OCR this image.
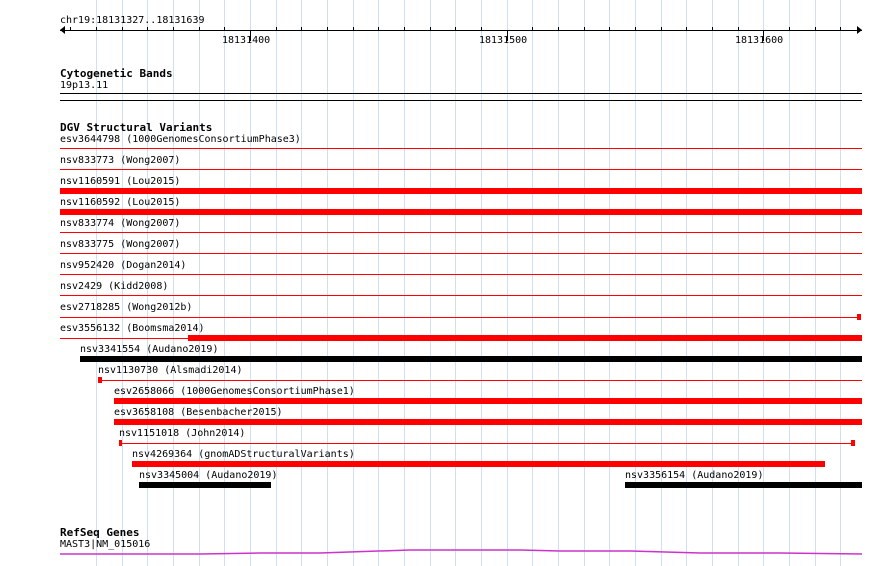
chr19:18131327..18131639
18131400	18131500	18131600
Cytogenetic Bands
19p13.11
DGV Structural Variants
esv3644798 (1000GenomesConsortiumPhase3)
nsv833773 (Wong2007)
nsv1160591 (Lou2015)
nsv1160592 (Lou2015)
nsv833774 (Wong2007)
nsv833775 (Wong2007)
nsv952420 (Dogan2014)
nsv2429 (Kidd2008)
esv2718285 (Wong2012b)
esv3556132 (Boomsma2014)
nsv3341554 (Audano2019)
nsv1130730 (Alsmadi2014)
esv2658066 (1000GenomesConsortiumPhase1)
esv3658108 (Besenbacher2015)
nsv1151018 (John2014)
nsv4269364 (gnomADStructuralVariants)
nsv3345004 (Audano2019)	nsv3356154 (Audano2019)
RefSeq Genes
MAST3|NM_015016
